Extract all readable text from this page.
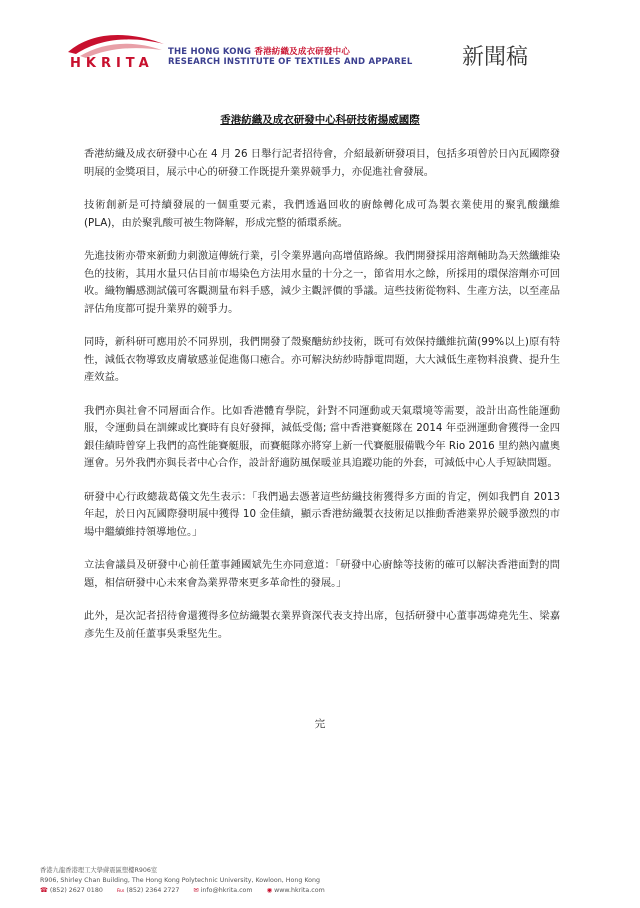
HKRITA
THE HONG KONG 香港紡織及成衣研發中心
RESEARCH INSTITUTE OF TEXTILES AND APPAREL 新聞稿
香港紡織及成衣研發中心科研技術揚威國際

香港紡織及成衣研發中心在 4 月 26 日舉行記者招待會，介紹最新研發項目，包括多項曾於日內瓦國際發明展的金獎項目，展示中心的研發工作既提升業界競爭力，亦促進社會發展。

技術創新是可持續發展的一個重要元素，我們透過回收的廚餘轉化成可為製衣業使用的聚乳酸纖維(PLA)，由於聚乳酸可被生物降解，形成完整的循環系統。

先進技術亦帶來新動力刺激這傳統行業，引令業界邁向高增值路線。我們開發採用溶劑輔助為天然纖維染色的技術，其用水量只佔目前市場染色方法用水量的十分之一，節省用水之餘，所採用的環保溶劑亦可回收。織物觸感測試儀可客觀測量布料手感，減少主觀評價的爭議。這些技術從物料、生產方法，以至產品評估角度都可提升業界的競爭力。

同時，新科研可應用於不同界別，我們開發了殼聚醣紡紗技術，既可有效保持纖維抗菌(99%以上)原有特性，減低衣物導致皮膚敏感並促進傷口癒合。亦可解決紡紗時靜電問題，大大減低生產物料浪費、提升生產效益。

我們亦與社會不同層面合作。比如香港體育學院，針對不同運動或天氣環境等需要，設計出高性能運動服，令運動員在訓練或比賽時有良好發揮，減低受傷; 當中香港賽艇隊在 2014 年亞洲運動會獲得一金四銀佳績時曾穿上我們的高性能賽艇服，而賽艇隊亦將穿上新一代賽艇服備戰今年 Rio 2016 里約熱內盧奧運會。另外我們亦與長者中心合作，設計舒適防風保暖並具追蹤功能的外套，可減低中心人手短缺問題。

研發中心行政總裁葛儀文先生表示：「我們過去憑著這些紡織技術獲得多方面的肯定，例如我們自 2013 年起，於日內瓦國際發明展中獲得 10 金佳績，顯示香港紡織製衣技術足以推動香港業界於競爭激烈的市場中繼續維持領導地位。」

立法會議員及研發中心前任董事鍾國斌先生亦同意道：「研發中心廚餘等技術的確可以解決香港面對的問題，相信研發中心未來會為業界帶來更多革命性的發展。」

此外，是次記者招待會還獲得多位紡織製衣業界資深代表支持出席，包括研發中心董事馮煒堯先生、梁嘉彥先生及前任董事吳秉堅先生。

完
香港九龍香港理工大學蔣震區塑樓R906室
R906, Shirley Chan Building, The Hong Kong Polytechnic University, Kowloon, Hong Kong
☎ (852) 2627 0180 ℻ (852) 2364 2727 ✉ info@hkrita.com ◉ www.hkrita.com
